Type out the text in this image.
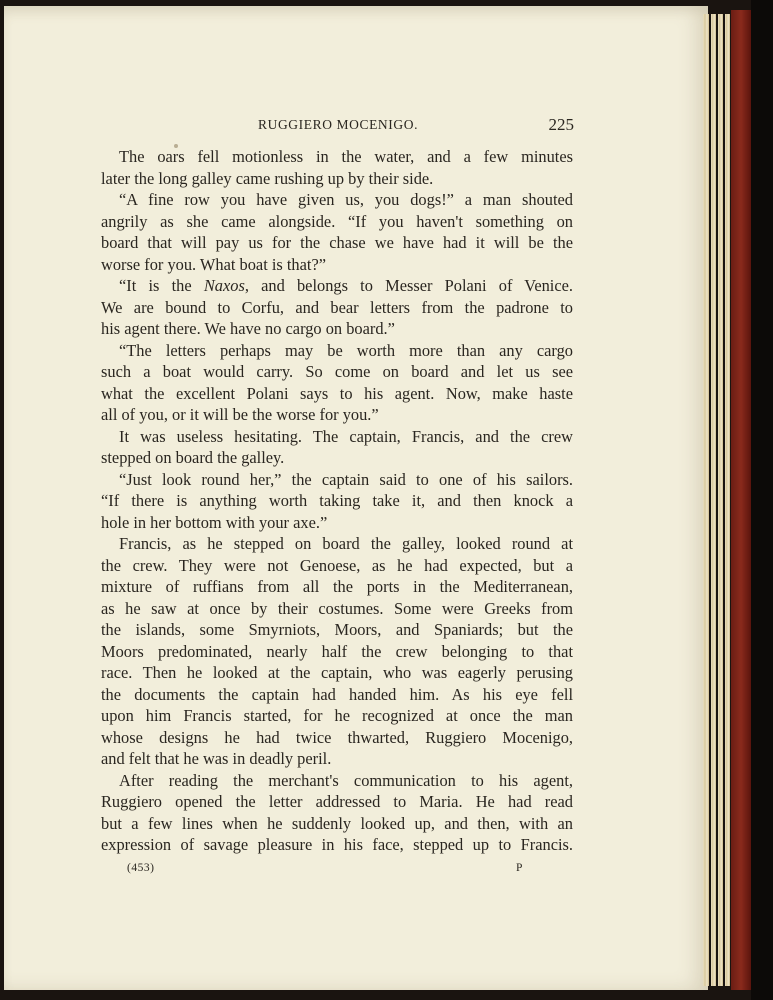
RUGGIERO MOCENIGO.	225
The oars fell motionless in the water, and a few minutes
later the long galley came rushing up by their side.
“A fine row you have given us, you dogs!” a man shouted
angrily as she came alongside. “If you haven't something on
board that will pay us for the chase we have had it will be the
worse for you. What boat is that?”
“It is the Naxos, and belongs to Messer Polani of Venice.
We are bound to Corfu, and bear letters from the padrone to
his agent there. We have no cargo on board.”
“The letters perhaps may be worth more than any cargo
such a boat would carry. So come on board and let us see
what the excellent Polani says to his agent. Now, make haste
all of you, or it will be the worse for you.”
It was useless hesitating. The captain, Francis, and the crew
stepped on board the galley.
“Just look round her,” the captain said to one of his sailors.
“If there is anything worth taking take it, and then knock a
hole in her bottom with your axe.”
Francis, as he stepped on board the galley, looked round at
the crew. They were not Genoese, as he had expected, but a
mixture of ruffians from all the ports in the Mediterranean,
as he saw at once by their costumes. Some were Greeks from
the islands, some Smyrniots, Moors, and Spaniards; but the
Moors predominated, nearly half the crew belonging to that
race. Then he looked at the captain, who was eagerly perusing
the documents the captain had handed him. As his eye fell
upon him Francis started, for he recognized at once the man
whose designs he had twice thwarted, Ruggiero Mocenigo,
and felt that he was in deadly peril.
After reading the merchant's communication to his agent,
Ruggiero opened the letter addressed to Maria. He had read
but a few lines when he suddenly looked up, and then, with an
expression of savage pleasure in his face, stepped up to Francis.
(453)	P
